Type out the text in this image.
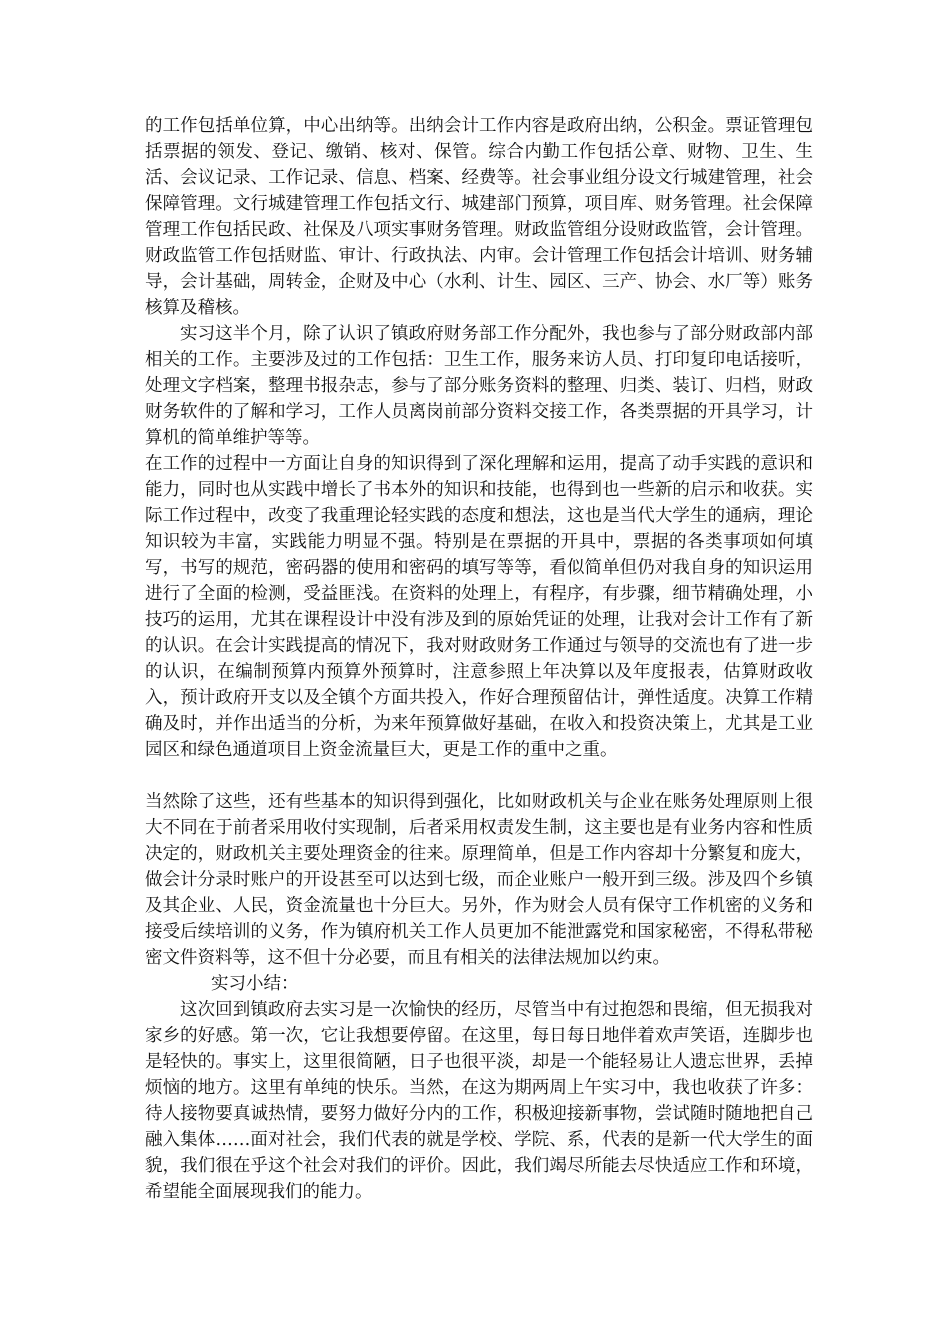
的工作包括单位算，中心出纳等。出纳会计工作内容是政府出纳，公积金。票证管理包括票据的领发、登记、缴销、核对、保管。综合内勤工作包括公章、财物、卫生、生活、会议记录、工作记录、信息、档案、经费等。社会事业组分设文行城建管理，社会保障管理。文行城建管理工作包括文行、城建部门预算，项目库、财务管理。社会保障管理工作包括民政、社保及八项实事财务管理。财政监管组分设财政监管，会计管理。财政监管工作包括财监、审计、行政执法、内审。会计管理工作包括会计培训、财务辅导，会计基础，周转金，企财及中心（水利、计生、园区、三产、协会、水厂等）账务核算及稽核。

实习这半个月，除了认识了镇政府财务部工作分配外，我也参与了部分财政部内部相关的工作。主要涉及过的工作包括：卫生工作，服务来访人员、打印复印电话接听，处理文字档案，整理书报杂志，参与了部分账务资料的整理、归类、装订、归档，财政财务软件的了解和学习，工作人员离岗前部分资料交接工作，各类票据的开具学习，计算机的简单维护等等。

在工作的过程中一方面让自身的知识得到了深化理解和运用，提高了动手实践的意识和能力，同时也从实践中增长了书本外的知识和技能，也得到也一些新的启示和收获。实际工作过程中，改变了我重理论轻实践的态度和想法，这也是当代大学生的通病，理论知识较为丰富，实践能力明显不强。特别是在票据的开具中，票据的各类事项如何填写，书写的规范，密码器的使用和密码的填写等等，看似简单但仍对我自身的知识运用进行了全面的检测，受益匪浅。在资料的处理上，有程序，有步骤，细节精确处理，小技巧的运用，尤其在课程设计中没有涉及到的原始凭证的处理，让我对会计工作有了新的认识。在会计实践提高的情况下，我对财政财务工作通过与领导的交流也有了进一步的认识，在编制预算内预算外预算时，注意参照上年决算以及年度报表，估算财政收入，预计政府开支以及全镇个方面共投入，作好合理预留估计，弹性适度。决算工作精确及时，并作出适当的分析，为来年预算做好基础，在收入和投资决策上，尤其是工业园区和绿色通道项目上资金流量巨大，更是工作的重中之重。

当然除了这些，还有些基本的知识得到强化，比如财政机关与企业在账务处理原则上很大不同在于前者采用收付实现制，后者采用权责发生制，这主要也是有业务内容和性质决定的，财政机关主要处理资金的往来。原理简单，但是工作内容却十分繁复和庞大，做会计分录时账户的开设甚至可以达到七级，而企业账户一般开到三级。涉及四个乡镇及其企业、人民，资金流量也十分巨大。另外，作为财会人员有保守工作机密的义务和接受后续培训的义务，作为镇府机关工作人员更加不能泄露党和国家秘密，不得私带秘密文件资料等，这不但十分必要，而且有相关的法律法规加以约束。

实习小结：

这次回到镇政府去实习是一次愉快的经历，尽管当中有过抱怨和畏缩，但无损我对家乡的好感。第一次，它让我想要停留。在这里，每日每日地伴着欢声笑语，连脚步也是轻快的。事实上，这里很简陋，日子也很平淡，却是一个能轻易让人遗忘世界，丢掉烦恼的地方。这里有单纯的快乐。当然，在这为期两周上午实习中，我也收获了许多：待人接物要真诚热情，要努力做好分内的工作，积极迎接新事物，尝试随时随地把自己融入集体……面对社会，我们代表的就是学校、学院、系，代表的是新一代大学生的面貌，我们很在乎这个社会对我们的评价。因此，我们竭尽所能去尽快适应工作和环境，希望能全面展现我们的能力。
